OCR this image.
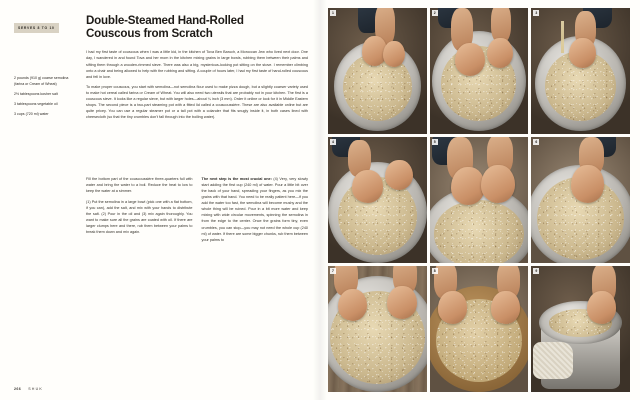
SERVES 8 TO 10
2 pounds (910 g) coarse semolina (farina or Cream of Wheat)
2½ tablespoons kosher salt
3 tablespoons vegetable oil
3 cups (720 ml) water
Double-Steamed Hand-Rolled Couscous from Scratch

I had my first taste of couscous when I was a little kid, in the kitchen of Tova Ben Baruch, a Moroccan Jew who lived next door. One day, I wandered in and found Tova and her mom in the kitchen mixing grains in large bowls, rubbing them between their palms and sifting them through a wooden-rimmed sieve. There was also a big, mysterious-looking pot sitting on the stove. I remember climbing onto a chair and being allowed to help with the rubbing and sifting. A couple of hours later, I had my first taste of hand-rolled couscous and fell in love.

To make proper couscous, you start with semolina—not semolina flour used to make pizza dough, but a slightly coarser variety used to make hot cereal called farina or Cream of Wheat. You will also need two utensils that are probably not in your kitchen. The first is a couscous sieve. It looks like a regular sieve, but with larger holes—about ¼ inch (3 mm). Order it online or look for it in Middle Eastern shops. The second piece is a two-part steaming pot with a fitted lid called a couscoussière. These are also available online but are quite pricey. You can use a regular steamer pot or a tall pot with a colander that fits snugly inside it, in both cases lined with cheesecloth (so that the tiny crumbles don't fall through into the boiling water).

Fill the bottom part of the couscoussière three-quarters full with water and bring the water to a boil. Reduce the heat to low to keep the water at a simmer.

(1) Put the semolina in a large bowl (pick one with a flat bottom, if you can), add the salt, and mix with your hands to distribute the salt. (2) Pour in the oil and (3) mix again thoroughly. You want to make sure all the grains are coated with oil. If there are larger clumps here and there, rub them between your palms to break them down and mix again.

The next step is the most crucial one: (4) Very, very slowly start adding the first cup (240 ml) of water. Pour a little bit over the back of your hand, spreading your fingers, as you mix the grains with that hand. You need to be really patient here—if you add the water too fast, the semolina will become mushy and the whole thing will be ruined. Pour in a bit more water and keep mixing with wide circular movements, spinning the semolina in from the edge to the center. Once the grains form tiny, even crumbles, you can stop—you may not need the whole cup (240 ml) of water. If there are some bigger chunks, rub them between your palms to

266 SHUK
1	2	3
4	5	6
7	8	9
